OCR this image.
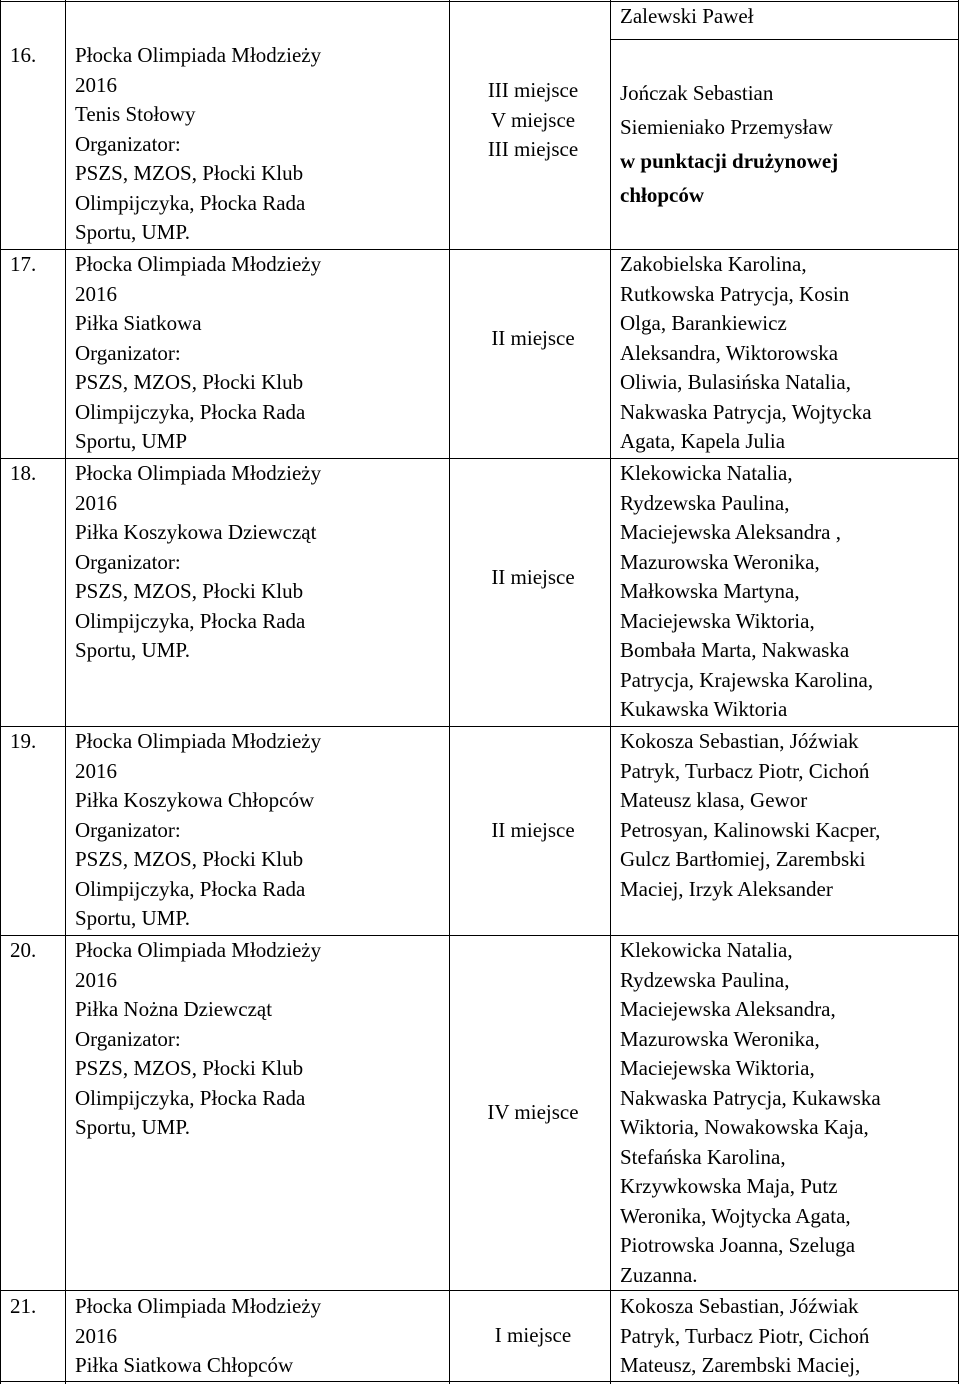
Zalewski Paweł
16. Płocka Olimpiada Młodzieży
2016
Tenis Stołowy
Organizator:
PSZS, MZOS, Płocki Klub
Olimpijczyka, Płocka Rada
Sportu, UMP.
III miejsce
V miejsce
III miejsce
Jończak Sebastian
Siemieniako Przemysław
w punktacji drużynowej
chłopców
17. Płocka Olimpiada Młodzieży
2016
Piłka Siatkowa
Organizator:
PSZS, MZOS, Płocki Klub
Olimpijczyka, Płocka Rada
Sportu, UMP
II miejsce
Zakobielska Karolina,
Rutkowska Patrycja, Kosin
Olga, Barankiewicz
Aleksandra, Wiktorowska
Oliwia, Bulasińska Natalia,
Nakwaska Patrycja, Wojtycka
Agata, Kapela Julia
18. Płocka Olimpiada Młodzieży
2016
Piłka Koszykowa Dziewcząt
Organizator:
PSZS, MZOS, Płocki Klub
Olimpijczyka, Płocka Rada
Sportu, UMP.
II miejsce
Klekowicka Natalia,
Rydzewska Paulina,
Maciejewska Aleksandra ,
Mazurowska Weronika,
Małkowska Martyna,
Maciejewska Wiktoria,
Bombała Marta, Nakwaska
Patrycja, Krajewska Karolina,
Kukawska Wiktoria
19. Płocka Olimpiada Młodzieży
2016
Piłka Koszykowa Chłopców
Organizator:
PSZS, MZOS, Płocki Klub
Olimpijczyka, Płocka Rada
Sportu, UMP.
II miejsce
Kokosza Sebastian, Jóźwiak
Patryk, Turbacz Piotr, Cichoń
Mateusz klasa, Gewor
Petrosyan, Kalinowski Kacper,
Gulcz Bartłomiej, Zarembski
Maciej, Irzyk Aleksander
20. Płocka Olimpiada Młodzieży
2016
Piłka Nożna Dziewcząt
Organizator:
PSZS, MZOS, Płocki Klub
Olimpijczyka, Płocka Rada
Sportu, UMP.
IV miejsce
Klekowicka Natalia,
Rydzewska Paulina,
Maciejewska Aleksandra,
Mazurowska Weronika,
Maciejewska Wiktoria,
Nakwaska Patrycja, Kukawska
Wiktoria, Nowakowska Kaja,
Stefańska Karolina,
Krzywkowska Maja, Putz
Weronika, Wojtycka Agata,
Piotrowska Joanna, Szeluga
Zuzanna.
21. Płocka Olimpiada Młodzieży
2016
Piłka Siatkowa Chłopców
I miejsce
Kokosza Sebastian, Jóźwiak
Patryk, Turbacz Piotr, Cichoń
Mateusz, Zarembski Maciej,
